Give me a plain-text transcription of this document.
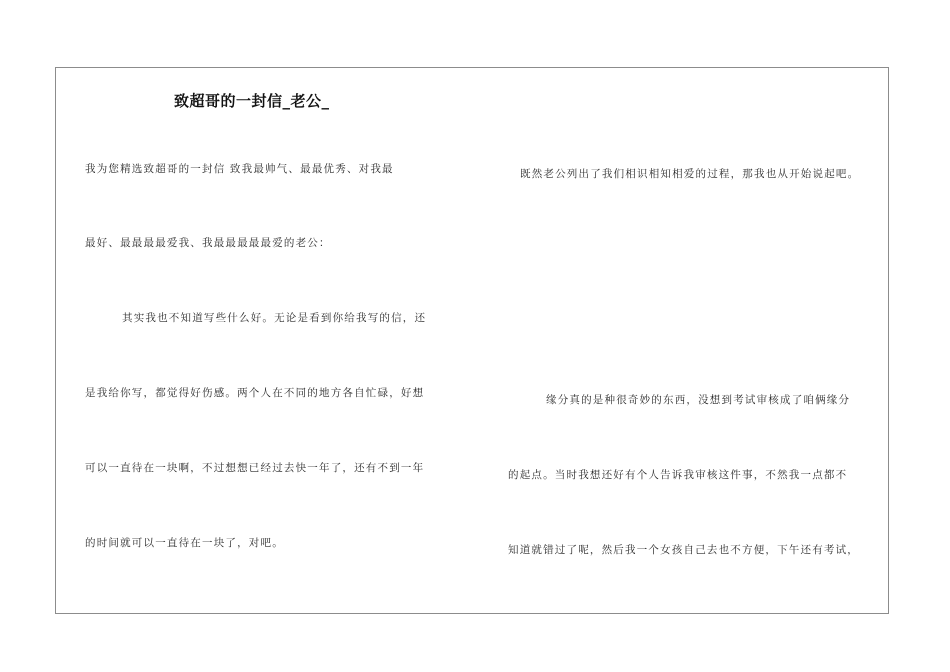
致超哥的一封信_老公_
我为您精选致超哥的一封信 致我最帅气、最最优秀、对我最
最好、最最最最爱我、我最最最最最爱的老公：
其实我也不知道写些什么好。无论是看到你给我写的信，还
是我给你写，都觉得好伤感。两个人在不同的地方各自忙碌，好想
可以一直待在一块啊，不过想想已经过去快一年了，还有不到一年
的时间就可以一直待在一块了，对吧。
既然老公列出了我们相识相知相爱的过程，那我也从开始说起吧。
缘分真的是种很奇妙的东西，没想到考试审核成了咱俩缘分
的起点。当时我想还好有个人告诉我审核这件事，不然我一点都不
知道就错过了呢，然后我一个女孩自己去也不方便，下午还有考试，
